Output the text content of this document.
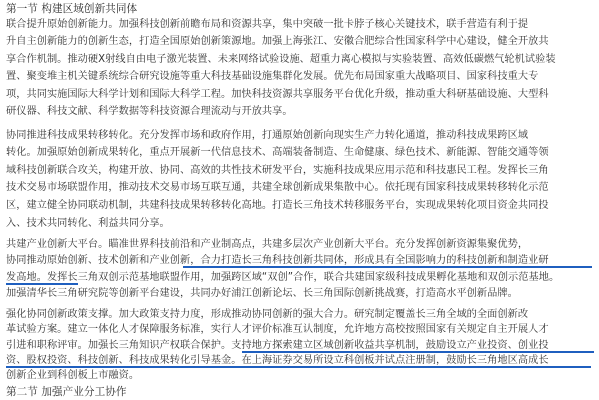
第一节 构建区域创新共同体
联合提升原始创新能力。加强科技创新前瞻布局和资源共享，集中突破一批卡脖子核心关键技术，联手营造有利于提
升自主创新能力的创新生态，打造全国原始创新策源地。加强上海张江、安徽合肥综合性国家科学中心建设，健全开放共
享合作机制。推动硬X射线自由电子激光装置、未来网络试验设施、超重力离心模拟与实验装置、高效低碳燃气轮机试验装
置、聚变堆主机关键系统综合研究设施等重大科技基础设施集群化发展。优先布局国家重大战略项目、国家科技重大专
项，共同实施国际大科学计划和国际大科学工程。加快科技资源共享服务平台优化升级，推动重大科研基础设施、大型科
研仪器、科技文献、科学数据等科技资源合理流动与开放共享。
协同推进科技成果转移转化。充分发挥市场和政府作用，打通原始创新向现实生产力转化通道，推动科技成果跨区域
转化。加强原始创新成果转化，重点开展新一代信息技术、高端装备制造、生命健康、绿色技术、新能源、智能交通等领
域科技创新联合攻关，构建开放、协同、高效的共性技术研发平台，实施科技成果应用示范和科技惠民工程。发挥长三角
技术交易市场联盟作用，推动技术交易市场互联互通，共建全球创新成果集散中心。依托现有国家科技成果转移转化示范
区，建立健全协同联动机制，共建科技成果转移转化高地。打造长三角技术转移服务平台，实现成果转化项目资金共同投
入、技术共同转化、利益共同分享。
共建产业创新大平台。瞄准世界科技前沿和产业制高点，共建多层次产业创新大平台。充分发挥创新资源集聚优势，
协同推动原始创新、技术创新和产业创新，合力打造长三角科技创新共同体，形成具有全国影响力的科技创新和制造业研
发高地。发挥长三角双创示范基地联盟作用，加强跨区域“双创”合作，联合共建国家级科技成果孵化基地和双创示范基地。
加强清华长三角研究院等创新平台建设，共同办好浦江创新论坛、长三角国际创新挑战赛，打造高水平创新品牌。
强化协同创新政策支撑。加大政策支持力度，形成推动协同创新的强大合力。研究制定覆盖长三角全域的全面创新改
革试验方案。建立一体化人才保障服务标准，实行人才评价标准互认制度，允许地方高校按照国家有关规定自主开展人才
引进和职称评审。加强长三角知识产权联合保护。支持地方探索建立区域创新收益共享机制，鼓励设立产业投资、创业投
资、股权投资、科技创新、科技成果转化引导基金。在上海证券交易所设立科创板并试点注册制，鼓励长三角地区高成长
创新企业到科创板上市融资。
第二节 加强产业分工协作
